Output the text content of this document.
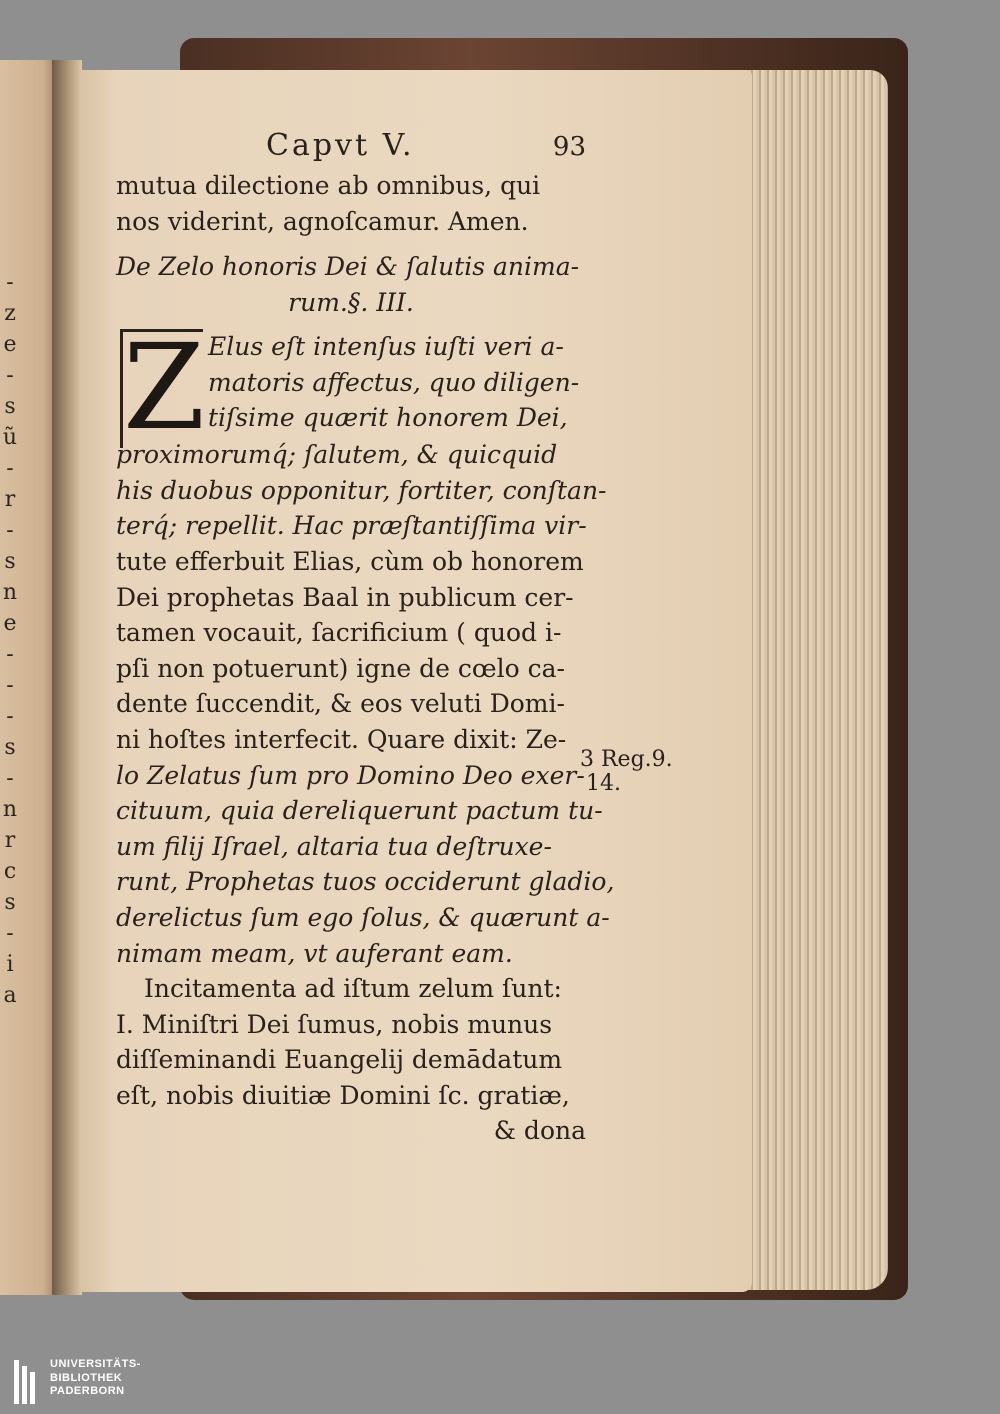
-
z
e
-
s
ũ
-
r
-
s
n
e
-
-
-
s
-
n
r
c
s
-
i
a
Capvt V.	93
mutua dilectione ab omnibus, qui
nos viderint, agnoſcamur. Amen.
De Zelo honoris Dei & ſalutis anima-
rum.§. III.
Z Elus eſt intenſus iuſti veri a-
matoris affectus, quo diligen-
tiſsime quærit honorem Dei,
proximorumq́; ſalutem, & quicquid
his duobus opponitur, fortiter, conſtan-
terq́; repellit. Hac præſtantiſſima vir-
tute efferbuit Elias, cùm ob honorem
Dei prophetas Baal in publicum cer-
tamen vocauit, ſacrificium ( quod i-
pſi non potuerunt) igne de cœlo ca-
dente ſuccendit, & eos veluti Domi-
ni hoſtes interfecit. Quare dixit: Ze-
lo Zelatus ſum pro Domino Deo exer-
cituum, quia dereliquerunt pactum tu-
um filij Iſrael, altaria tua deſtruxe-
runt, Prophetas tuos occiderunt gladio,
derelictus ſum ego ſolus, & quærunt a-
nimam meam, vt auferant eam.
Incitamenta ad iſtum zelum ſunt:
I. Miniſtri Dei ſumus, nobis munus
diſſeminandi Euangelij demādatum
eſt, nobis diuitiæ Domini ſc. gratiæ,
& dona
3 Reg.9.
14.
UNIVERSITÄTS-
BIBLIOTHEK
PADERBORN
